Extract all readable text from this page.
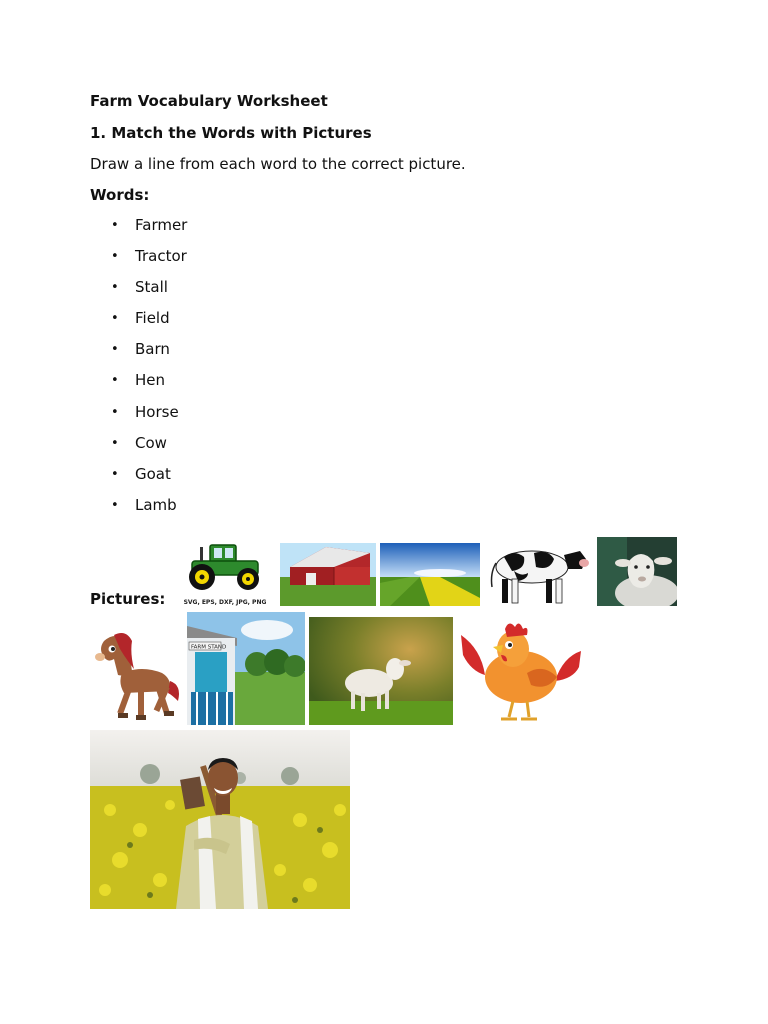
Farm Vocabulary Worksheet

1. Match the Words with Pictures

Draw a line from each word to the correct picture.

Words:

• Farmer
• Tractor
• Stall
• Field
• Barn
• Hen
• Horse
• Cow
• Goat
• Lamb

Pictures:	SVG, EPS, DXF, JPG, PNG
FARM STAND
